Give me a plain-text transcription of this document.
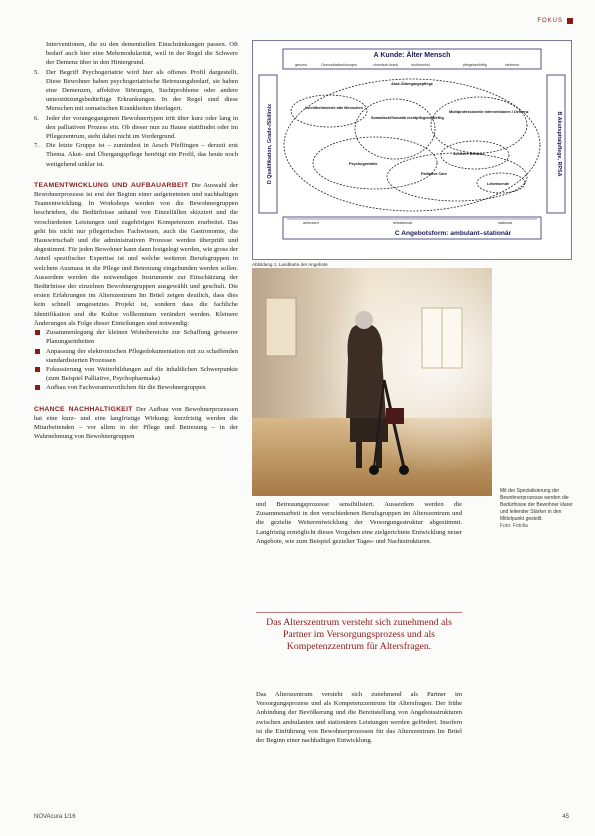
FOKUS

Interventionen, die zu den dementiellen Einschränkungen passen. Oft bedarf auch hier eine Mehrmodularität, weil in der Regel die Schwere der Demenz über in den Hintergrund.

5. Der Begriff Psychogeriatrie wird hier als offenes Profil dargestellt. Diese Bewohner haben psychogeriatrische Betreuungsbedarf, sie haben eine Demenzen, affektive Störungen, Suchtprobleme oder andere unterstützungsbedürftige Erkrankungen. In der Regel sind diese Menschen mit somatischen Krankheiten überlagert.
6. Jeder der vorangegangenen Bewohnertypen tritt über kurz oder lang in den palliativen Prozess ein. Ob dieser nun zu Hause stattfindet oder im Pflegezentrum, steht dabei nicht im Vordergrund.
7. Die letzte Gruppe ist – zumindest in Aesch Pfeffingen – derzeit erst Thema. Akut- und Übergangspflege benötigt ein Profil, das heute noch weitgehend unklar ist.

TEAMENTWICKLUNG UND AUFBAUARBEIT Die Auswahl der Bewohnerprozesse ist erst der Beginn einer aufgetretenen und nachhaltigen Teamentwicklung. In Workshops werden von die Bewohnergruppen beschrieben, die Bedürfnisse anhand von Einzelfällen skizziert und die verschiedenen Leistungen und zugehörigen Kompetenzen erarbeitet. Das geht bis nicht nur pflegerisches Fachwissen, auch die Gastronomie, die Hauswirtschaft und die administrativen Prozesse werden überprüft und abgestimmt. Für jeden Bewohner kann dann festgelegt werden, wie gross der Anteil spezifischer Expertise ist und welche weiteren Berufsgruppen in welchem Ausmass in die Pflege und Betreuung eingebunden werden sollen. Ausserdem werden die notwendigen Instrumente zur Einschätzung der Bedürfnisse der einzelnen Bewohnergruppen ausgewählt und geschult. Die ersten Erfahrungen im Alterszentrum Im Brüel zeigen deutlich, dass dies kein schnell umgesetztes Projekt ist, sondern dass die fachliche Identifikation und die Kultur vollkommen verändert werden. Kleinere Änderungen als Folge dieser Einteilungen sind notwendig:

Zusammenlegung der kleinen Wohnbereiche zur Schaffung grösserer Planungseinheiten
Anpassung der elektronischen Pflegedokumentation mit zu schaffenden standardisierten Prozessen
Fokussierung von Weiterbildungen auf die inhaltlichen Schwerpunkte (zum Beispiel Palliative, Psychopharmaka)
Aufbau von Fachverantwortlichen für die Bewohnergruppen

CHANCE NACHHALTIGKEIT Der Aufbau von Bewohnerprozessen hat eine kurz- und eine langfristige Wirkung: kurzfristig werden die Mitarbeitenden – vor allem in der Pflege und Betreuung – in der Wahrnehmung von Bewohnergruppen

A Kunde: Älter Mensch
gesund	Gesundheitsstörungen	chronisch krank	multimorbid	pflegebedürftig	sterbend
D Qualifikation, Grade-/Skillmix	B Akutspitalpflege, RPSA
ambulant	teilstationär	stationär
C Angebotsform: ambulant–stationär
Akut-/Übergangspflege
Leichtbehinderte alte Menschen
Somatisch/Somatik nichtpflegebedürftig
Multiprofessionelle Interventionen / Demenz
Schwere Demenz
Palliative Care
Psychogeriatrie
Lebensende
Abbildung 1: Landkarte der Angebote
Mit der Spezialisierung der Bewohnerprozesse werden die Bedürfnisse der Bewohner klarer und leitender Stärker in den Mittelpunkt gestellt.
Foto: Fotolia

und Betreuungsprozesse sensibilisiert. Ausserdem werden die Zusammenarbeit in den verschiedenen Berufsgruppen im Alterszentrum und die gezielte Weiterentwicklung der Versorgungsstruktur abgestimmt. Langfristig ermöglicht dieses Vorgehen eine zielgerichtete Entwicklung neuer Angebote, wie zum Beispiel gezielter Tages- und Nachtstrukturen.

Das Alterszentrum versteht sich zunehmend als Partner im Versorgungsprozess und als Kompetenzzentrum für Altersfragen.

Das Alterszentrum versteht sich zunehmend als Partner im Versorgungsprozess und als Kompetenzzentrum für Altersfragen. Der frühe Anbindung der Bevölkerung und die Bereitstellung von Angebotsstrukturen zwischen ambulanten und stationären Leistungen werden gefördert. Insofern ist die Einführung von Bewohnerprozessen für das Alterszentrum Im Brüel der Beginn einer nachhaltigen Entwicklung.

NOVAcura 1/16	45
